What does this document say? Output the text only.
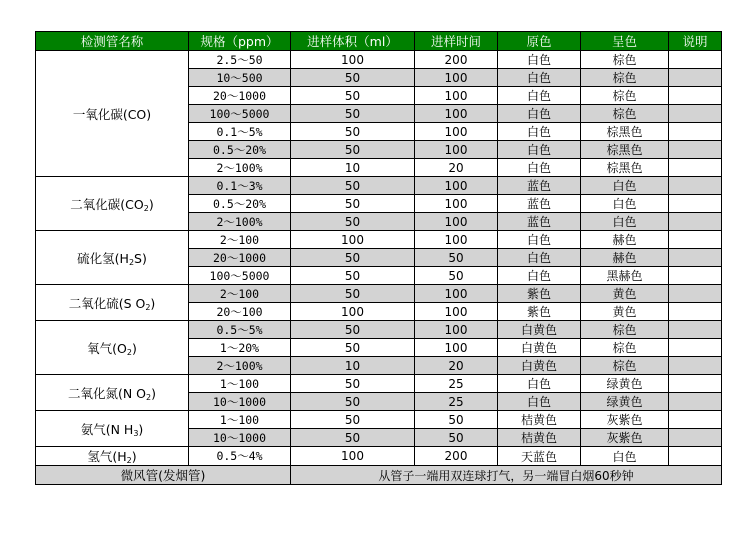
检测管名称	规格（ppm）	进样体积（ml）	进样时间	原色	呈色	说明
一氧化碳(CO)	2.5～50	100	200	白色	棕色	
	10～500	50	100	白色	棕色	
	20～1000	50	100	白色	棕色	
	100～5000	50	100	白色	棕色	
	0.1～5%	50	100	白色	棕黑色	
	0.5～20%	50	100	白色	棕黑色	
	2～100%	10	20	白色	棕黑色	
二氧化碳$(CO_2)$	0.1～3%	50	100	蓝色	白色	
	0.5～20%	50	100	蓝色	白色	
	2～100%	50	100	蓝色	白色	
硫化氢$(H_2S)$	2～100	100	100	白色	赫色	
	20～1000	50	50	白色	赫色	
	100～5000	50	50	白色	黑赫色	
二氧化硫(S $O_2$)	2～100	50	100	紫色	黄色	
	20～100	100	100	紫色	黄色	
氧气$(O_2)$	0.5～5%	50	100	白黄色	棕色	
	1～20%	50	100	白黄色	棕色	
	2～100%	10	20	白黄色	棕色	
二氧化氮(N $O_2$)	1～100	50	25	白色	绿黄色	
	10～1000	50	25	白色	绿黄色	
氨气(N $H_3$)	1～100	50	50	桔黄色	灰紫色	
	10～1000	50	50	桔黄色	灰紫色	
氢气$(H_2)$	0.5～4%	100	200	天蓝色	白色	
微风管(发烟管)		从管子一端用双连球打气，另一端冒白烟60秒钟				
